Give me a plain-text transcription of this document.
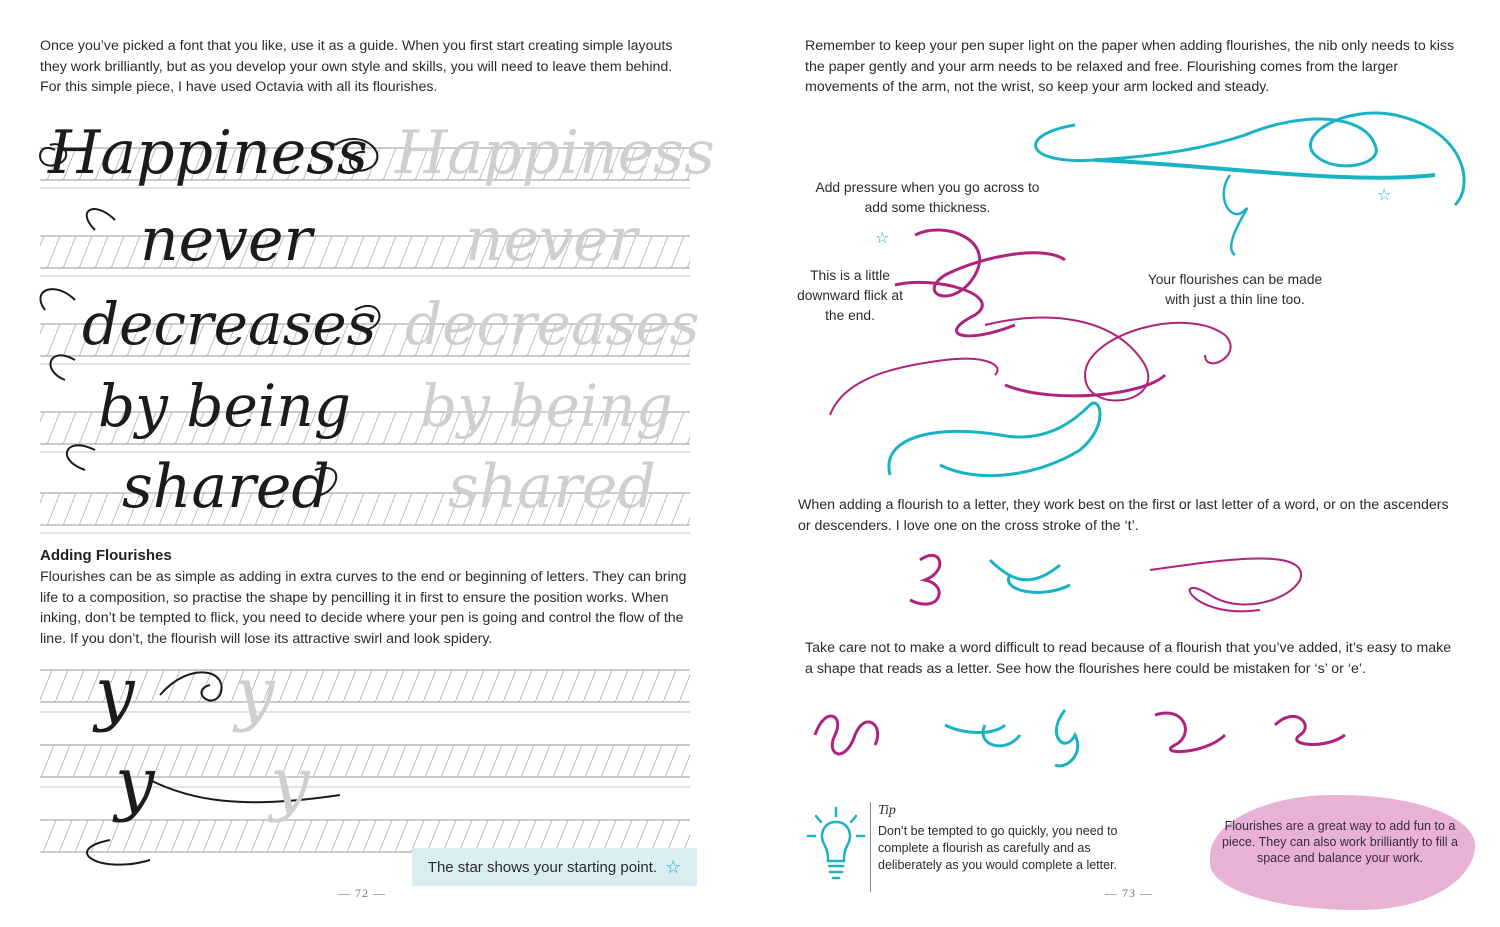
Once you’ve picked a font that you like, use it as a guide. When you first start creating simple layouts they work brilliantly, but as you develop your own style and skills, you will need to leave them behind. For this simple piece, I have used Octavia with all its flourishes.

Happiness Happiness
never	never
decreases decreases
by being by being
shared shared
Adding Flourishes

Flourishes can be as simple as adding in extra curves to the end or beginning of letters. They can bring life to a composition, so practise the shape by pencilling it in first to ensure the position works. When inking, don’t be tempted to flick, you need to decide where your pen is going and control the flow of the line. If you don’t, the flourish will lose its attractive swirl and look spidery.

y y
y y
The star shows your starting point. ☆
— 72 —

Remember to keep your pen super light on the paper when adding flourishes, the nib only needs to kiss the paper gently and your arm needs to be relaxed and free. Flourishing comes from the larger movements of the arm, not the wrist, so keep your arm locked and steady.

☆

Add pressure when you go across to add some thickness.

This is a little downward flick at the end.

Your flourishes can be made with just a thin line too.

☆

When adding a flourish to a letter, they work best on the first or last letter of a word, or on the ascenders or descenders. I love one on the cross stroke of the ‘t’.

Take care not to make a word difficult to read because of a flourish that you’ve added, it’s easy to make a shape that reads as a letter. See how the flourishes here could be mistaken for ‘s’ or ‘e’.

Tip

Don’t be tempted to go quickly, you need to complete a flourish as carefully and as deliberately as you would complete a letter.

Flourishes are a great way to add fun to a piece. They can also work brilliantly to fill a space and balance your work.

— 73 —
